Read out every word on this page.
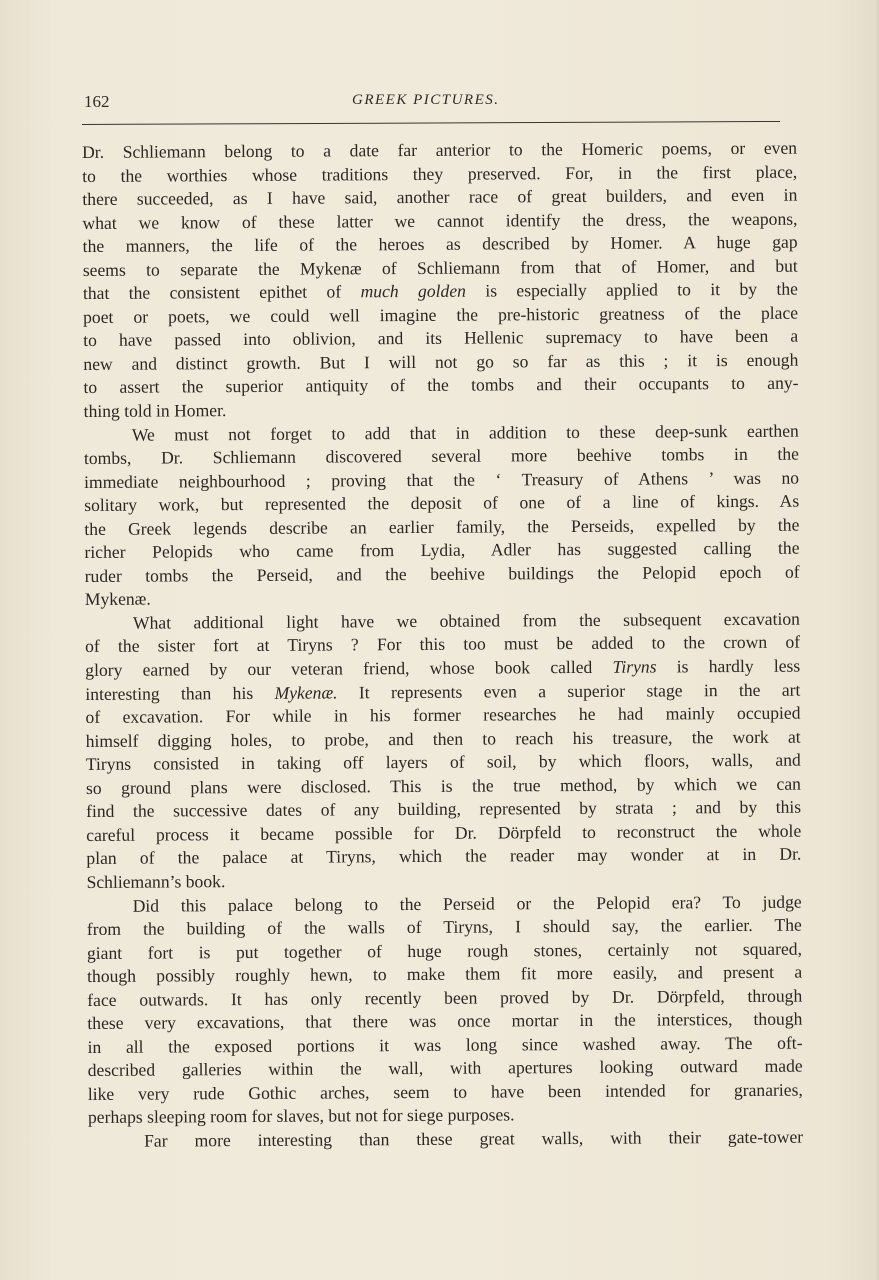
162	GREEK PICTURES.
Dr. Schliemann belong to a date far anterior to the Homeric poems, or even
to the worthies whose traditions they preserved. For, in the first place,
there succeeded, as I have said, another race of great builders, and even in
what we know of these latter we cannot identify the dress, the weapons,
the manners, the life of the heroes as described by Homer. A huge gap
seems to separate the Mykenæ of Schliemann from that of Homer, and but
that the consistent epithet of much golden is especially applied to it by the
poet or poets, we could well imagine the pre-historic greatness of the place
to have passed into oblivion, and its Hellenic supremacy to have been a
new and distinct growth. But I will not go so far as this ; it is enough
to assert the superior antiquity of the tombs and their occupants to any-
thing told in Homer.
We must not forget to add that in addition to these deep-sunk earthen
tombs, Dr. Schliemann discovered several more beehive tombs in the
immediate neighbourhood ; proving that the ‘ Treasury of Athens ’ was no
solitary work, but represented the deposit of one of a line of kings. As
the Greek legends describe an earlier family, the Perseids, expelled by the
richer Pelopids who came from Lydia, Adler has suggested calling the
ruder tombs the Perseid, and the beehive buildings the Pelopid epoch of
Mykenæ.
What additional light have we obtained from the subsequent excavation
of the sister fort at Tiryns ? For this too must be added to the crown of
glory earned by our veteran friend, whose book called Tiryns is hardly less
interesting than his Mykenæ. It represents even a superior stage in the art
of excavation. For while in his former researches he had mainly occupied
himself digging holes, to probe, and then to reach his treasure, the work at
Tiryns consisted in taking off layers of soil, by which floors, walls, and
so ground plans were disclosed. This is the true method, by which we can
find the successive dates of any building, represented by strata ; and by this
careful process it became possible for Dr. Dörpfeld to reconstruct the whole
plan of the palace at Tiryns, which the reader may wonder at in Dr.
Schliemann’s book.
Did this palace belong to the Perseid or the Pelopid era? To judge
from the building of the walls of Tiryns, I should say, the earlier. The
giant fort is put together of huge rough stones, certainly not squared,
though possibly roughly hewn, to make them fit more easily, and present a
face outwards. It has only recently been proved by Dr. Dörpfeld, through
these very excavations, that there was once mortar in the interstices, though
in all the exposed portions it was long since washed away. The oft-
described galleries within the wall, with apertures looking outward made
like very rude Gothic arches, seem to have been intended for granaries,
perhaps sleeping room for slaves, but not for siege purposes.
Far more interesting than these great walls, with their gate-tower
